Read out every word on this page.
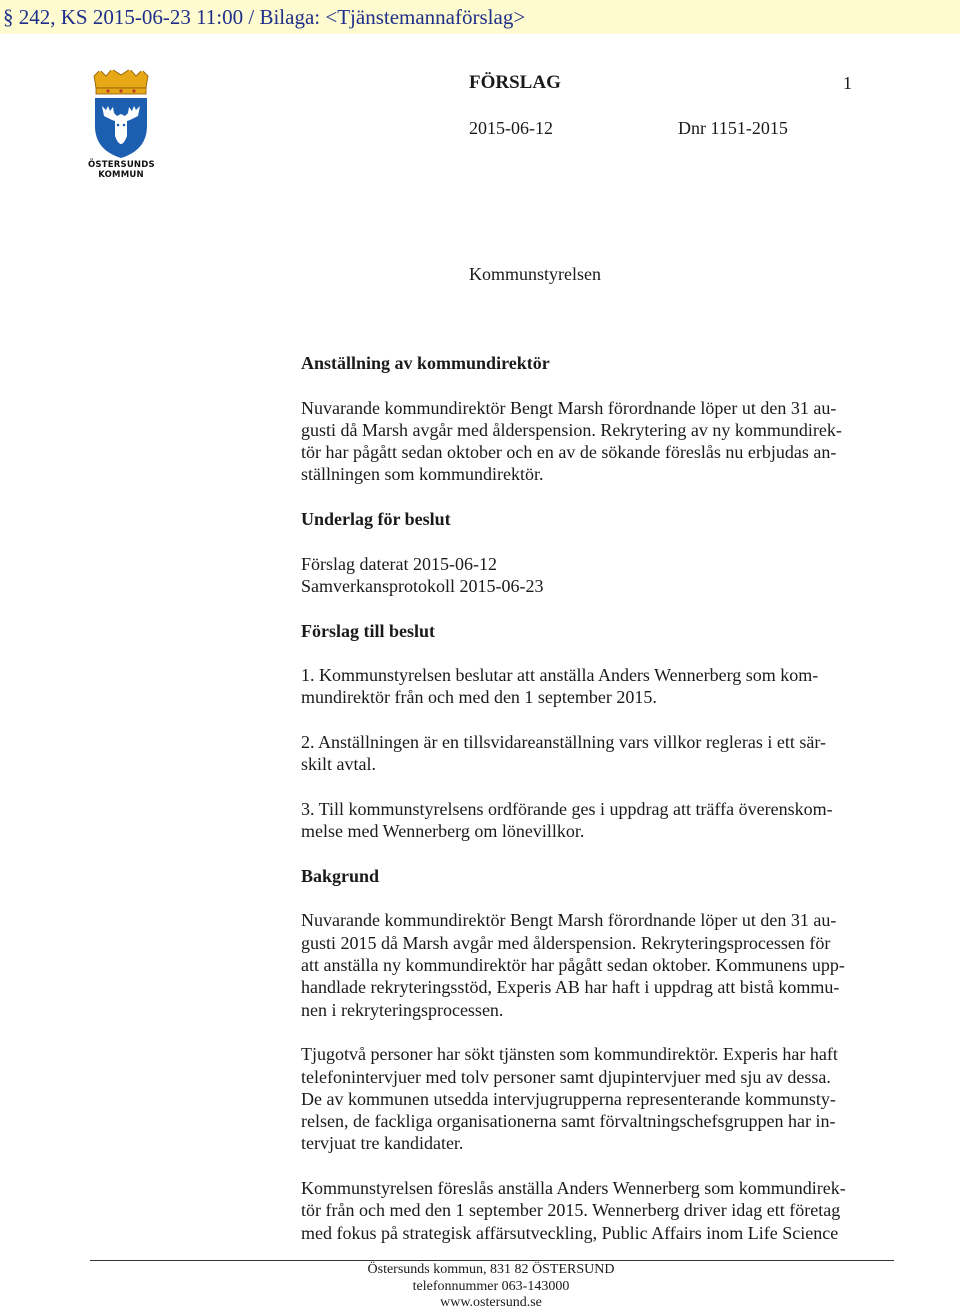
§ 242, KS 2015-06-23 11:00 / Bilaga: <Tjänstemannaförslag>
ÖSTERSUNDS KOMMUN
FÖRSLAG	1
2015-06-12	Dnr 1151-2015
Kommunstyrelsen

Anställning av kommundirektör

Nuvarande kommundirektör Bengt Marsh förordnande löper ut den 31 au-

gusti då Marsh avgår med ålderspension. Rekrytering av ny kommundirek-

tör har pågått sedan oktober och en av de sökande föreslås nu erbjudas an-

ställningen som kommundirektör.

Underlag för beslut

Förslag daterat 2015-06-12

Samverkansprotokoll 2015-06-23

Förslag till beslut

1. Kommunstyrelsen beslutar att anställa Anders Wennerberg som kom-

mundirektör från och med den 1 september 2015.

2. Anställningen är en tillsvidareanställning vars villkor regleras i ett sär-

skilt avtal.

3. Till kommunstyrelsens ordförande ges i uppdrag att träffa överenskom-

melse med Wennerberg om lönevillkor.

Bakgrund

Nuvarande kommundirektör Bengt Marsh förordnande löper ut den 31 au-

gusti 2015 då Marsh avgår med ålderspension. Rekryteringsprocessen för

att anställa ny kommundirektör har pågått sedan oktober. Kommunens upp-

handlade rekryteringsstöd, Experis AB har haft i uppdrag att bistå kommu-

nen i rekryteringsprocessen.

Tjugotvå personer har sökt tjänsten som kommundirektör. Experis har haft

telefonintervjuer med tolv personer samt djupintervjuer med sju av dessa.

De av kommunen utsedda intervjugrupperna representerande kommunsty-

relsen, de fackliga organisationerna samt förvaltningschefsgruppen har in-

tervjuat tre kandidater.

Kommunstyrelsen föreslås anställa Anders Wennerberg som kommundirek-

tör från och med den 1 september 2015. Wennerberg driver idag ett företag

med fokus på strategisk affärsutveckling, Public Affairs inom Life Science

Östersunds kommun, 831 82 ÖSTERSUND
telefonnummer 063-143000
www.ostersund.se
